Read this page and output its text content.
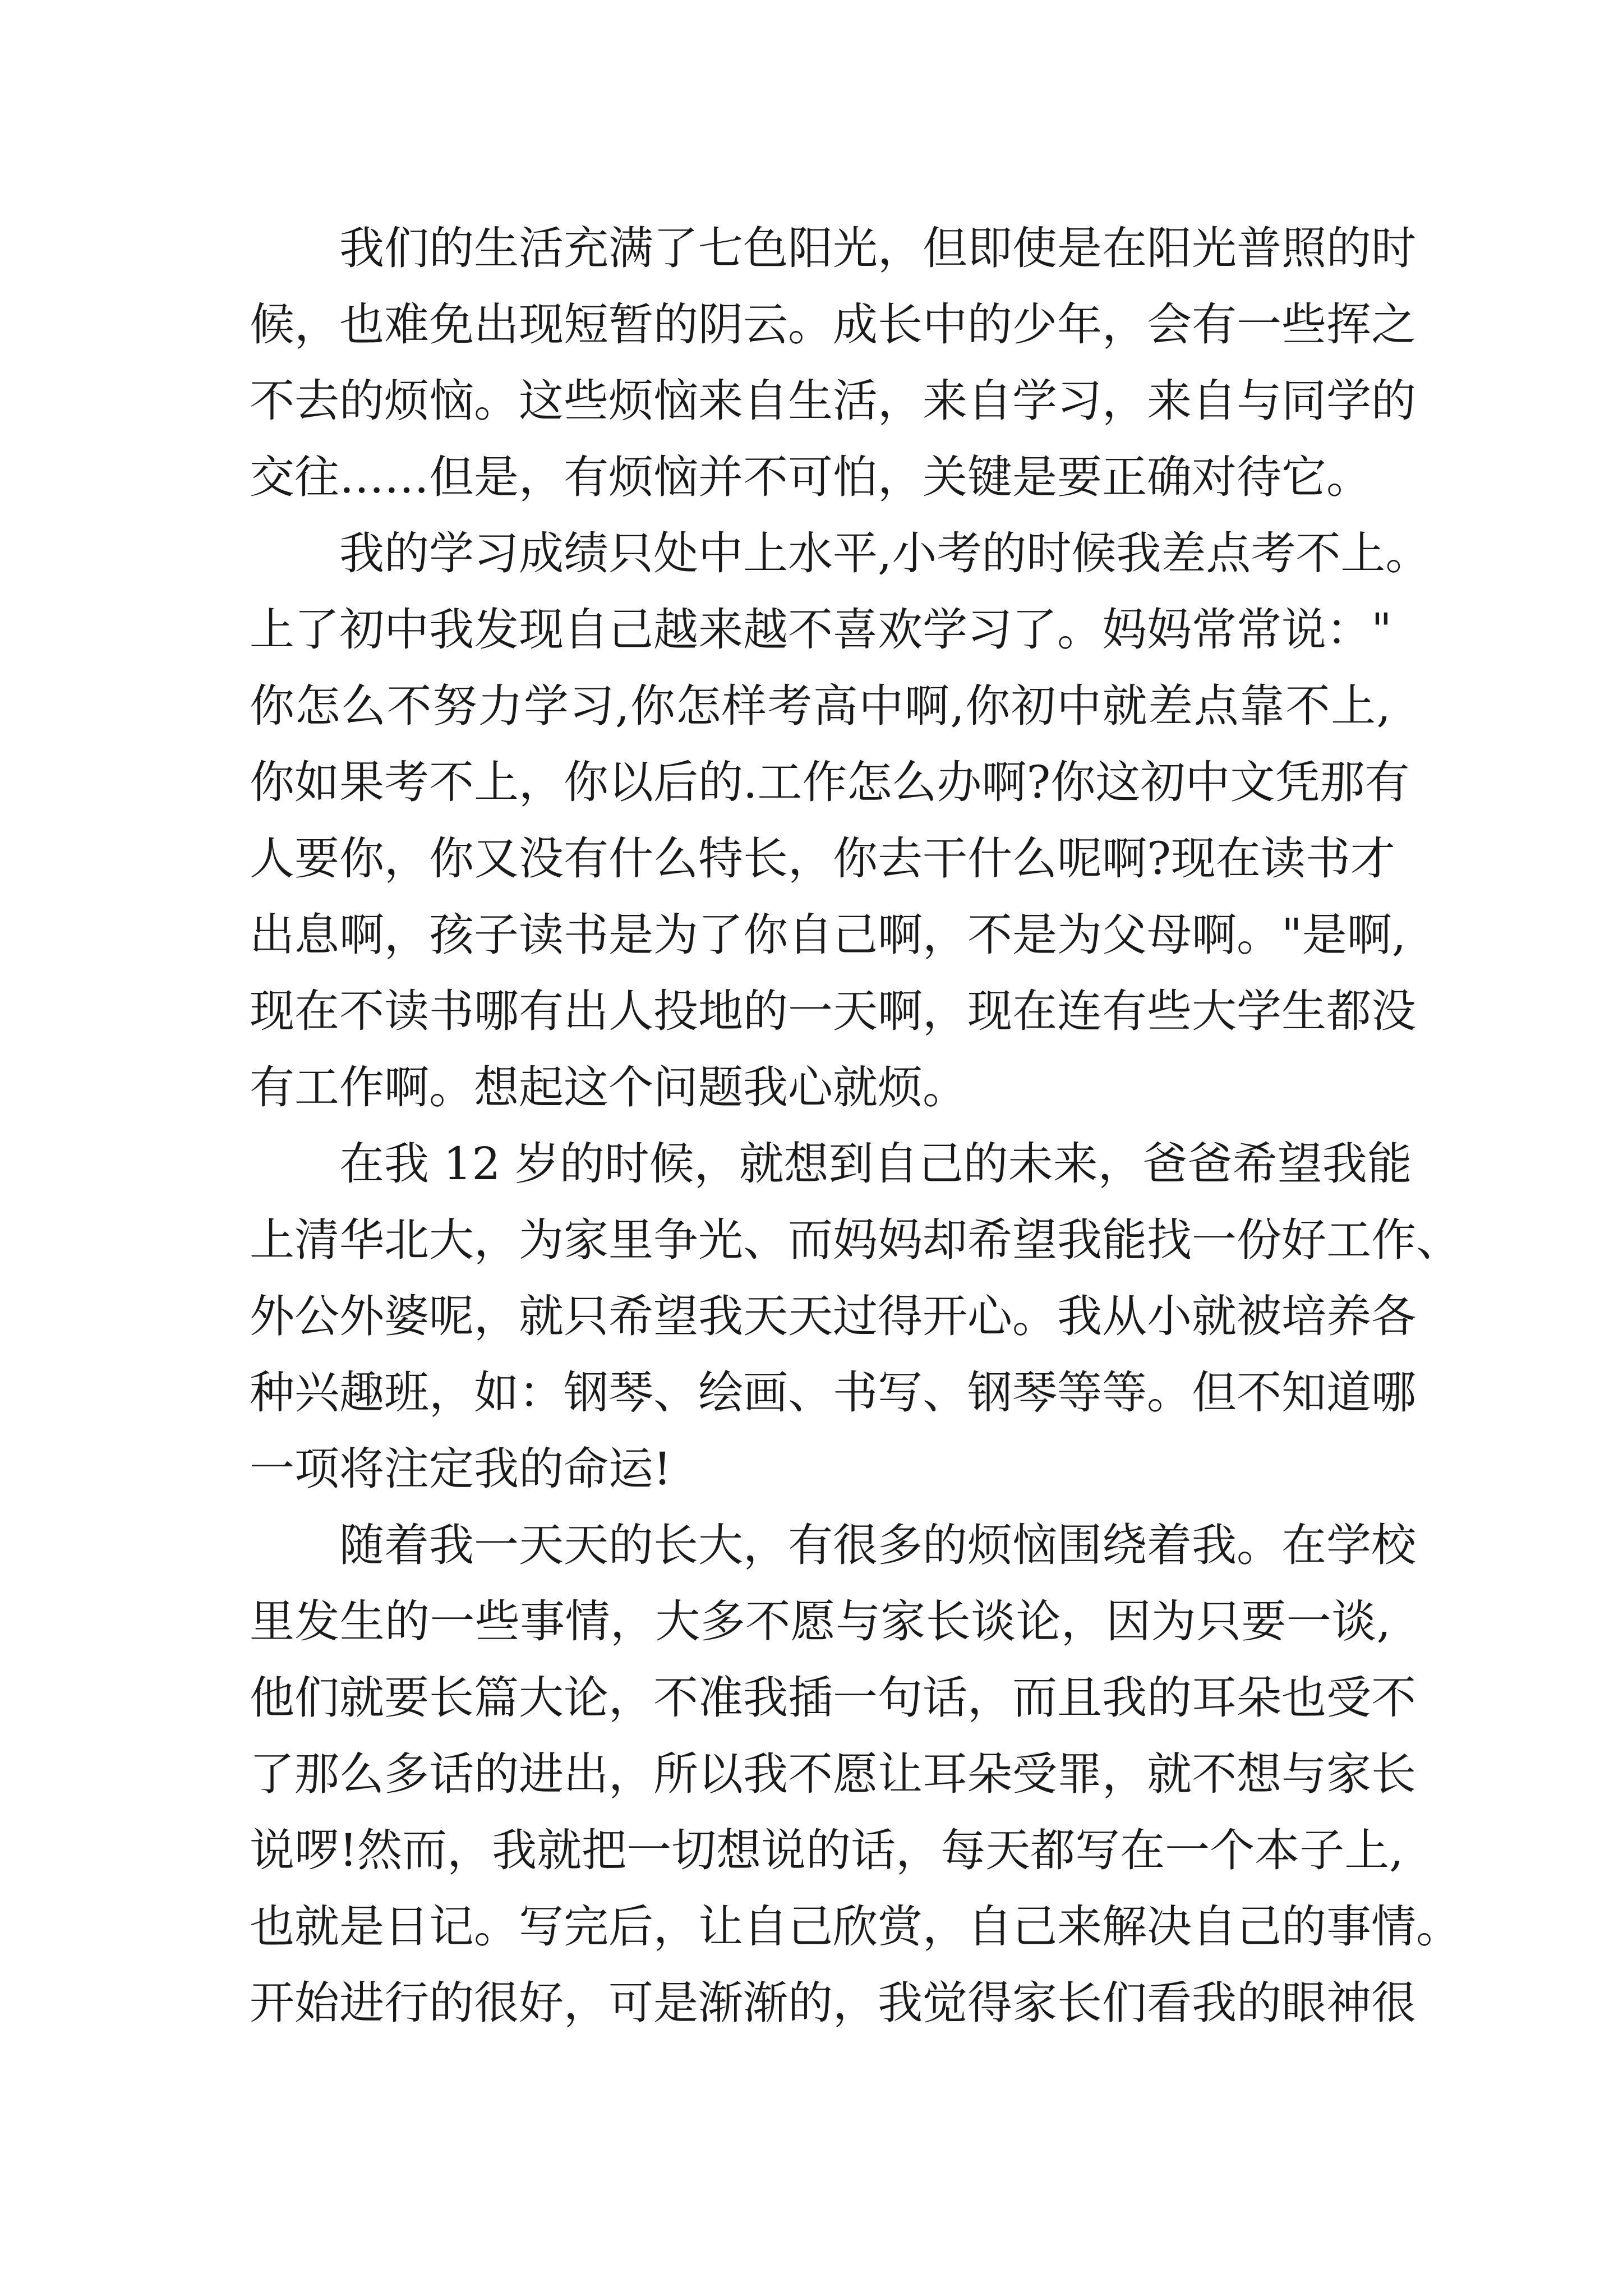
我们的生活充满了七色阳光，但即使是在阳光普照的时
候，也难免出现短暂的阴云。成长中的少年，会有一些挥之
不去的烦恼。这些烦恼来自生活，来自学习，来自与同学的
交往……但是，有烦恼并不可怕，关键是要正确对待它。
我的学习成绩只处中上水平,小考的时候我差点考不上。
上了初中我发现自己越来越不喜欢学习了。妈妈常常说："
你怎么不努力学习,你怎样考高中啊,你初中就差点靠不上,
你如果考不上，你以后的.工作怎么办啊?你这初中文凭那有
人要你，你又没有什么特长，你去干什么呢啊?现在读书才
出息啊，孩子读书是为了你自己啊，不是为父母啊。"是啊,
现在不读书哪有出人投地的一天啊，现在连有些大学生都没
有工作啊。想起这个问题我心就烦。
在我 12 岁的时候，就想到自己的未来，爸爸希望我能
上清华北大，为家里争光、而妈妈却希望我能找一份好工作、
外公外婆呢，就只希望我天天过得开心。我从小就被培养各
种兴趣班，如：钢琴、绘画、书写、钢琴等等。但不知道哪
一项将注定我的命运!
随着我一天天的长大，有很多的烦恼围绕着我。在学校
里发生的一些事情，大多不愿与家长谈论，因为只要一谈,
他们就要长篇大论，不准我插一句话，而且我的耳朵也受不
了那么多话的进出，所以我不愿让耳朵受罪，就不想与家长
说啰!然而，我就把一切想说的话，每天都写在一个本子上,
也就是日记。写完后，让自己欣赏，自己来解决自己的事情。
开始进行的很好，可是渐渐的，我觉得家长们看我的眼神很
